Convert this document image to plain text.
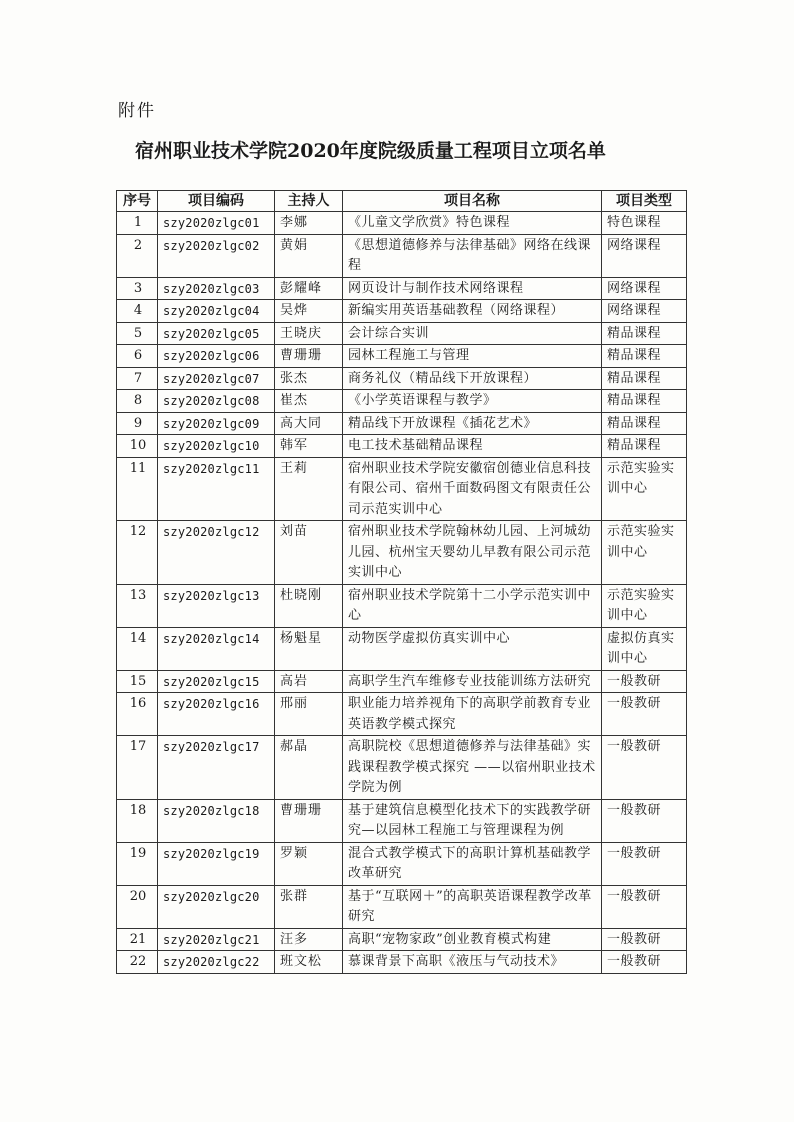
附件
宿州职业技术学院2020年度院级质量工程项目立项名单
序号	项目编码	主持人	项目名称	项目类型
1	szy2020zlgc01	李娜	《儿童文学欣赏》特色课程	特色课程
2	szy2020zlgc02	黄娟	《思想道德修养与法律基础》网络在线课程	网络课程
3	szy2020zlgc03	彭耀峰	网页设计与制作技术网络课程	网络课程
4	szy2020zlgc04	吴烨	新编实用英语基础教程（网络课程）	网络课程
5	szy2020zlgc05	王晓庆	会计综合实训	精品课程
6	szy2020zlgc06	曹珊珊	园林工程施工与管理	精品课程
7	szy2020zlgc07	张杰	商务礼仪（精品线下开放课程）	精品课程
8	szy2020zlgc08	崔杰	《小学英语课程与教学》	精品课程
9	szy2020zlgc09	高大同	精品线下开放课程《插花艺术》	精品课程
10	szy2020zlgc10	韩军	电工技术基础精品课程	精品课程
11	szy2020zlgc11	王莉	宿州职业技术学院安徽宿创德业信息科技有限公司、宿州千面数码图文有限责任公司示范实训中心	示范实验实训中心
12	szy2020zlgc12	刘苗	宿州职业技术学院翰林幼儿园、上河城幼儿园、杭州宝天婴幼儿早教有限公司示范实训中心	示范实验实训中心
13	szy2020zlgc13	杜晓刚	宿州职业技术学院第十二小学示范实训中心	示范实验实训中心
14	szy2020zlgc14	杨魁星	动物医学虚拟仿真实训中心	虚拟仿真实训中心
15	szy2020zlgc15	高岩	高职学生汽车维修专业技能训练方法研究	一般教研
16	szy2020zlgc16	邢丽	职业能力培养视角下的高职学前教育专业英语教学模式探究	一般教研
17	szy2020zlgc17	郝晶	高职院校《思想道德修养与法律基础》实践课程教学模式探究 ——以宿州职业技术学院为例	一般教研
18	szy2020zlgc18	曹珊珊	基于建筑信息模型化技术下的实践教学研究—以园林工程施工与管理课程为例	一般教研
19	szy2020zlgc19	罗颖	混合式教学模式下的高职计算机基础教学改革研究	一般教研
20	szy2020zlgc20	张群	基于“互联网＋”的高职英语课程教学改革研究	一般教研
21	szy2020zlgc21	汪多	高职“宠物家政”创业教育模式构建	一般教研
22	szy2020zlgc22	班文松	慕课背景下高职《液压与气动技术》	一般教研
